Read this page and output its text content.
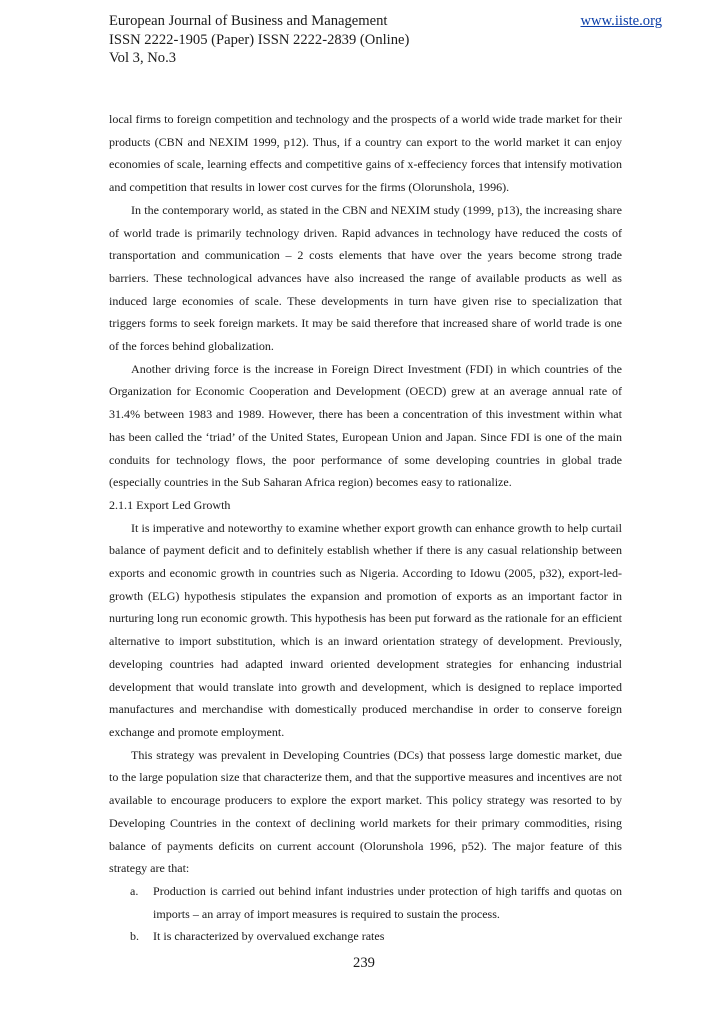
European Journal of Business and Management	www.iiste.org
ISSN 2222-1905 (Paper) ISSN 2222-2839 (Online)
Vol 3, No.3

local firms to foreign competition and technology and the prospects of a world wide trade market for their products (CBN and NEXIM 1999, p12). Thus, if a country can export to the world market it can enjoy economies of scale, learning effects and competitive gains of x-effeciency forces that intensify motivation and competition that results in lower cost curves for the firms (Olorunshola, 1996).

In the contemporary world, as stated in the CBN and NEXIM study (1999, p13), the increasing share of world trade is primarily technology driven. Rapid advances in technology have reduced the costs of transportation and communication – 2 costs elements that have over the years become strong trade barriers. These technological advances have also increased the range of available products as well as induced large economies of scale. These developments in turn have given rise to specialization that triggers forms to seek foreign markets. It may be said therefore that increased share of world trade is one of the forces behind globalization.

Another driving force is the increase in Foreign Direct Investment (FDI) in which countries of the Organization for Economic Cooperation and Development (OECD) grew at an average annual rate of 31.4% between 1983 and 1989. However, there has been a concentration of this investment within what has been called the ‘triad’ of the United States, European Union and Japan. Since FDI is one of the main conduits for technology flows, the poor performance of some developing countries in global trade (especially countries in the Sub Saharan Africa region) becomes easy to rationalize.

2.1.1 Export Led Growth

It is imperative and noteworthy to examine whether export growth can enhance growth to help curtail balance of payment deficit and to definitely establish whether if there is any casual relationship between exports and economic growth in countries such as Nigeria. According to Idowu (2005, p32), export-led-growth (ELG) hypothesis stipulates the expansion and promotion of exports as an important factor in nurturing long run economic growth. This hypothesis has been put forward as the rationale for an efficient alternative to import substitution, which is an inward orientation strategy of development. Previously, developing countries had adapted inward oriented development strategies for enhancing industrial development that would translate into growth and development, which is designed to replace imported manufactures and merchandise with domestically produced merchandise in order to conserve foreign exchange and promote employment.

This strategy was prevalent in Developing Countries (DCs) that possess large domestic market, due to the large population size that characterize them, and that the supportive measures and incentives are not available to encourage producers to explore the export market. This policy strategy was resorted to by Developing Countries in the context of declining world markets for their primary commodities, rising balance of payments deficits on current account (Olorunshola 1996, p52). The major feature of this strategy are that:

a. Production is carried out behind infant industries under protection of high tariffs and quotas on imports – an array of import measures is required to sustain the process.
b. It is characterized by overvalued exchange rates
239
